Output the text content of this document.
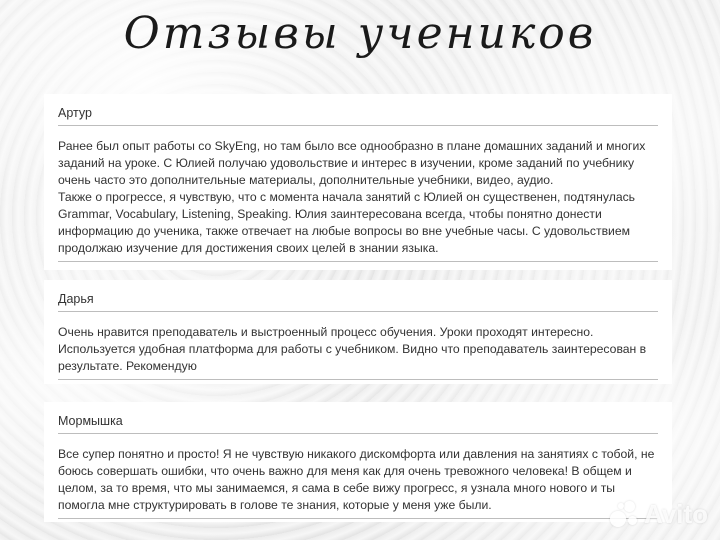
Отзывы учеников
Артур

Ранее был опыт работы со SkyEng, но там было все однообразно в плане домашних заданий и многих

заданий на уроке. С Юлией получаю удовольствие и интерес в изучении, кроме заданий по учебнику

очень часто это дополнительные материалы, дополнительные учебники, видео, аудио.

Также о прогрессе, я чувствую, что с момента начала занятий с Юлией он существенен, подтянулась

Grammar, Vocabulary, Listening, Speaking. Юлия заинтересована всегда, чтобы понятно донести

информацию до ученика, также отвечает на любые вопросы во вне учебные часы. С удовольствием

продолжаю изучение для достижения своих целей в знании языка.

Дарья

Очень нравится преподаватель и выстроенный процесс обучения. Уроки проходят интересно.

Используется удобная платформа для работы с учебником. Видно что преподаватель заинтересован в

результате. Рекомендую

Мормышка

Все супер понятно и просто! Я не чувствую никакого дискомфорта или давления на занятиях с тобой, не

боюсь совершать ошибки, что очень важно для меня как для очень тревожного человека! В общем и

целом, за то время, что мы занимаемся, я сама в себе вижу прогресс, я узнала много нового и ты

помогла мне структурировать в голове те знания, которые у меня уже были.	Avito
